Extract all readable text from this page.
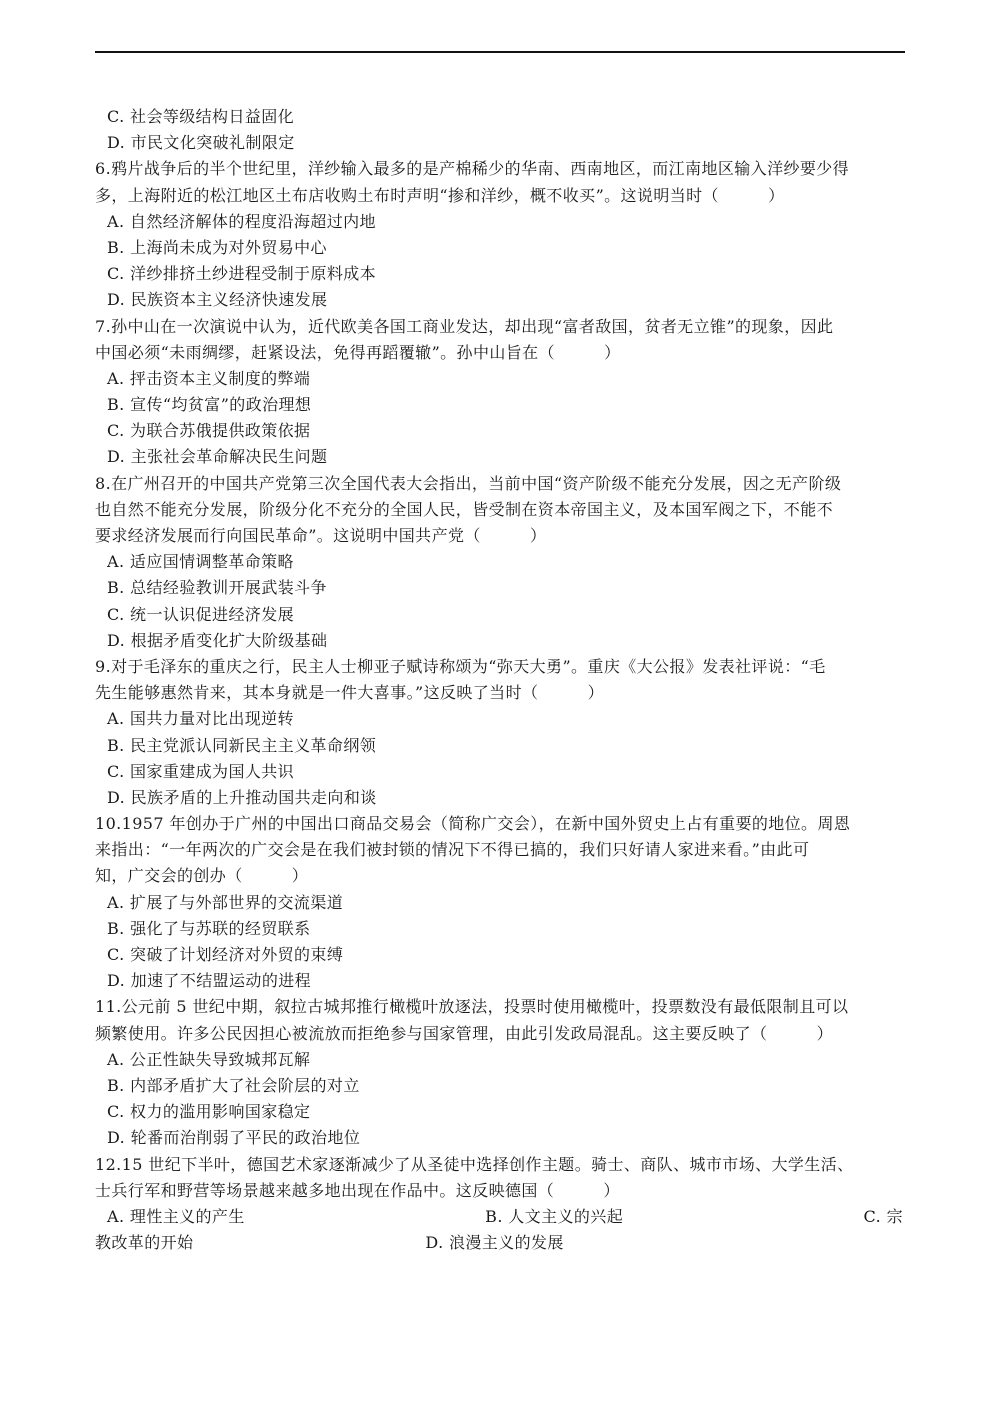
C. 社会等级结构日益固化
D. 市民文化突破礼制限定
6.鸦片战争后的半个世纪里，洋纱输入最多的是产棉稀少的华南、西南地区，而江南地区输入洋纱要少得
多，上海附近的松江地区土布店收购土布时声明“掺和洋纱，概不收买”。这说明当时（　　　）
A. 自然经济解体的程度沿海超过内地
B. 上海尚未成为对外贸易中心
C. 洋纱排挤土纱进程受制于原料成本
D. 民族资本主义经济快速发展
7.孙中山在一次演说中认为，近代欧美各国工商业发达，却出现“富者敌国，贫者无立锥”的现象，因此
中国必须“未雨绸缪，赶紧设法，免得再蹈覆辙”。孙中山旨在（　　　）
A. 抨击资本主义制度的弊端
B. 宣传“均贫富”的政治理想
C. 为联合苏俄提供政策依据
D. 主张社会革命解决民生问题
8.在广州召开的中国共产党第三次全国代表大会指出，当前中国“资产阶级不能充分发展，因之无产阶级
也自然不能充分发展，阶级分化不充分的全国人民，皆受制在资本帝国主义，及本国军阀之下，不能不
要求经济发展而行向国民革命”。这说明中国共产党（　　　）
A. 适应国情调整革命策略
B. 总结经验教训开展武装斗争
C. 统一认识促进经济发展
D. 根据矛盾变化扩大阶级基础
9.对于毛泽东的重庆之行，民主人士柳亚子赋诗称颂为“弥天大勇”。重庆《大公报》发表社评说：“毛
先生能够惠然肯来，其本身就是一件大喜事。”这反映了当时（　　　）
A. 国共力量对比出现逆转
B. 民主党派认同新民主主义革命纲领
C. 国家重建成为国人共识
D. 民族矛盾的上升推动国共走向和谈
10.1957 年创办于广州的中国出口商品交易会（简称广交会），在新中国外贸史上占有重要的地位。周恩
来指出：“一年两次的广交会是在我们被封锁的情况下不得已搞的，我们只好请人家进来看。”由此可
知，广交会的创办（　　　）
A. 扩展了与外部世界的交流渠道
B. 强化了与苏联的经贸联系
C. 突破了计划经济对外贸的束缚
D. 加速了不结盟运动的进程
11.公元前 5 世纪中期，叙拉古城邦推行橄榄叶放逐法，投票时使用橄榄叶，投票数没有最低限制且可以
频繁使用。许多公民因担心被流放而拒绝参与国家管理，由此引发政局混乱。这主要反映了（　　　）
A. 公正性缺失导致城邦瓦解
B. 内部矛盾扩大了社会阶层的对立
C. 权力的滥用影响国家稳定
D. 轮番而治削弱了平民的政治地位
12.15 世纪下半叶，德国艺术家逐渐减少了从圣徒中选择创作主题。骑士、商队、城市市场、大学生活、
士兵行军和野营等场景越来越多地出现在作品中。这反映德国（　　　）
A. 理性主义的产生	B. 人文主义的兴起	C. 宗
教改革的开始	D. 浪漫主义的发展
